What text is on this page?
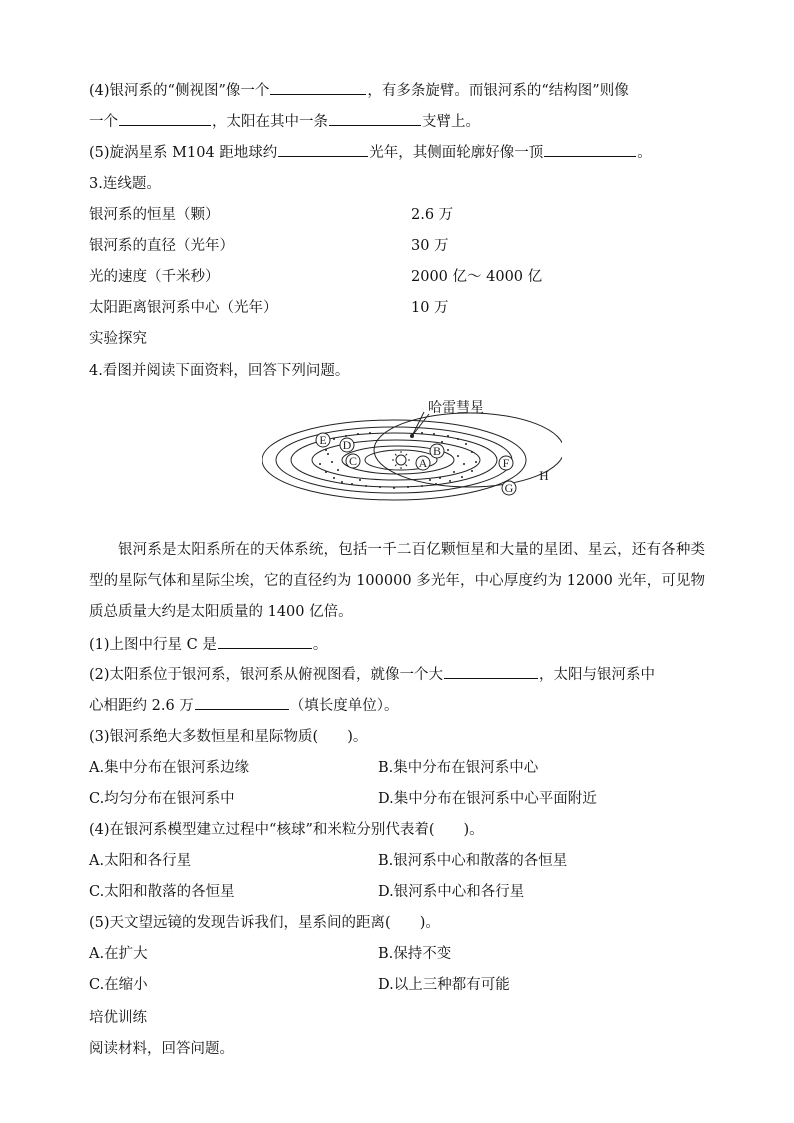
(4)银河系的“侧视图”像一个	，有多条旋臂。而银河系的“结构图”则像
一个	，太阳在其中一条	支臂上。
(5)旋涡星系 M104 距地球约	光年，其侧面轮廓好像一顶	。
3.连线题。
银河系的恒星（颗）	2.6 万
银河系的直径（光年）	30 万
光的速度（千米秒）	2000 亿～ 4000 亿
太阳距离银河系中心（光年）	10 万
实验探究
4.看图并阅读下面资料，回答下列问题。
A
B
C
D
E
F
G
H
哈雷彗星
银河系是太阳系所在的天体系统，包括一千二百亿颗恒星和大量的星团、星云，还有各种类型的星际气体和星际尘埃，它的直径约为 100000 多光年，中心厚度约为 12000 光年，可见物质总质量大约是太阳质量的 1400 亿倍。
(1)上图中行星 C 是	。
(2)太阳系位于银河系，银河系从俯视图看，就像一个大	，太阳与银河系中
心相距约 2.6 万	（填长度单位）。
(3)银河系绝大多数恒星和星际物质(　　)。
A.集中分布在银河系边缘	B.集中分布在银河系中心
C.均匀分布在银河系中	D.集中分布在银河系中心平面附近
(4)在银河系模型建立过程中“核球”和米粒分别代表着(　　)。
A.太阳和各行星	B.银河系中心和散落的各恒星
C.太阳和散落的各恒星	D.银河系中心和各行星
(5)天文望远镜的发现告诉我们，星系间的距离(　　)。
A.在扩大	B.保持不变
C.在缩小	D.以上三种都有可能
培优训练
阅读材料，回答问题。
